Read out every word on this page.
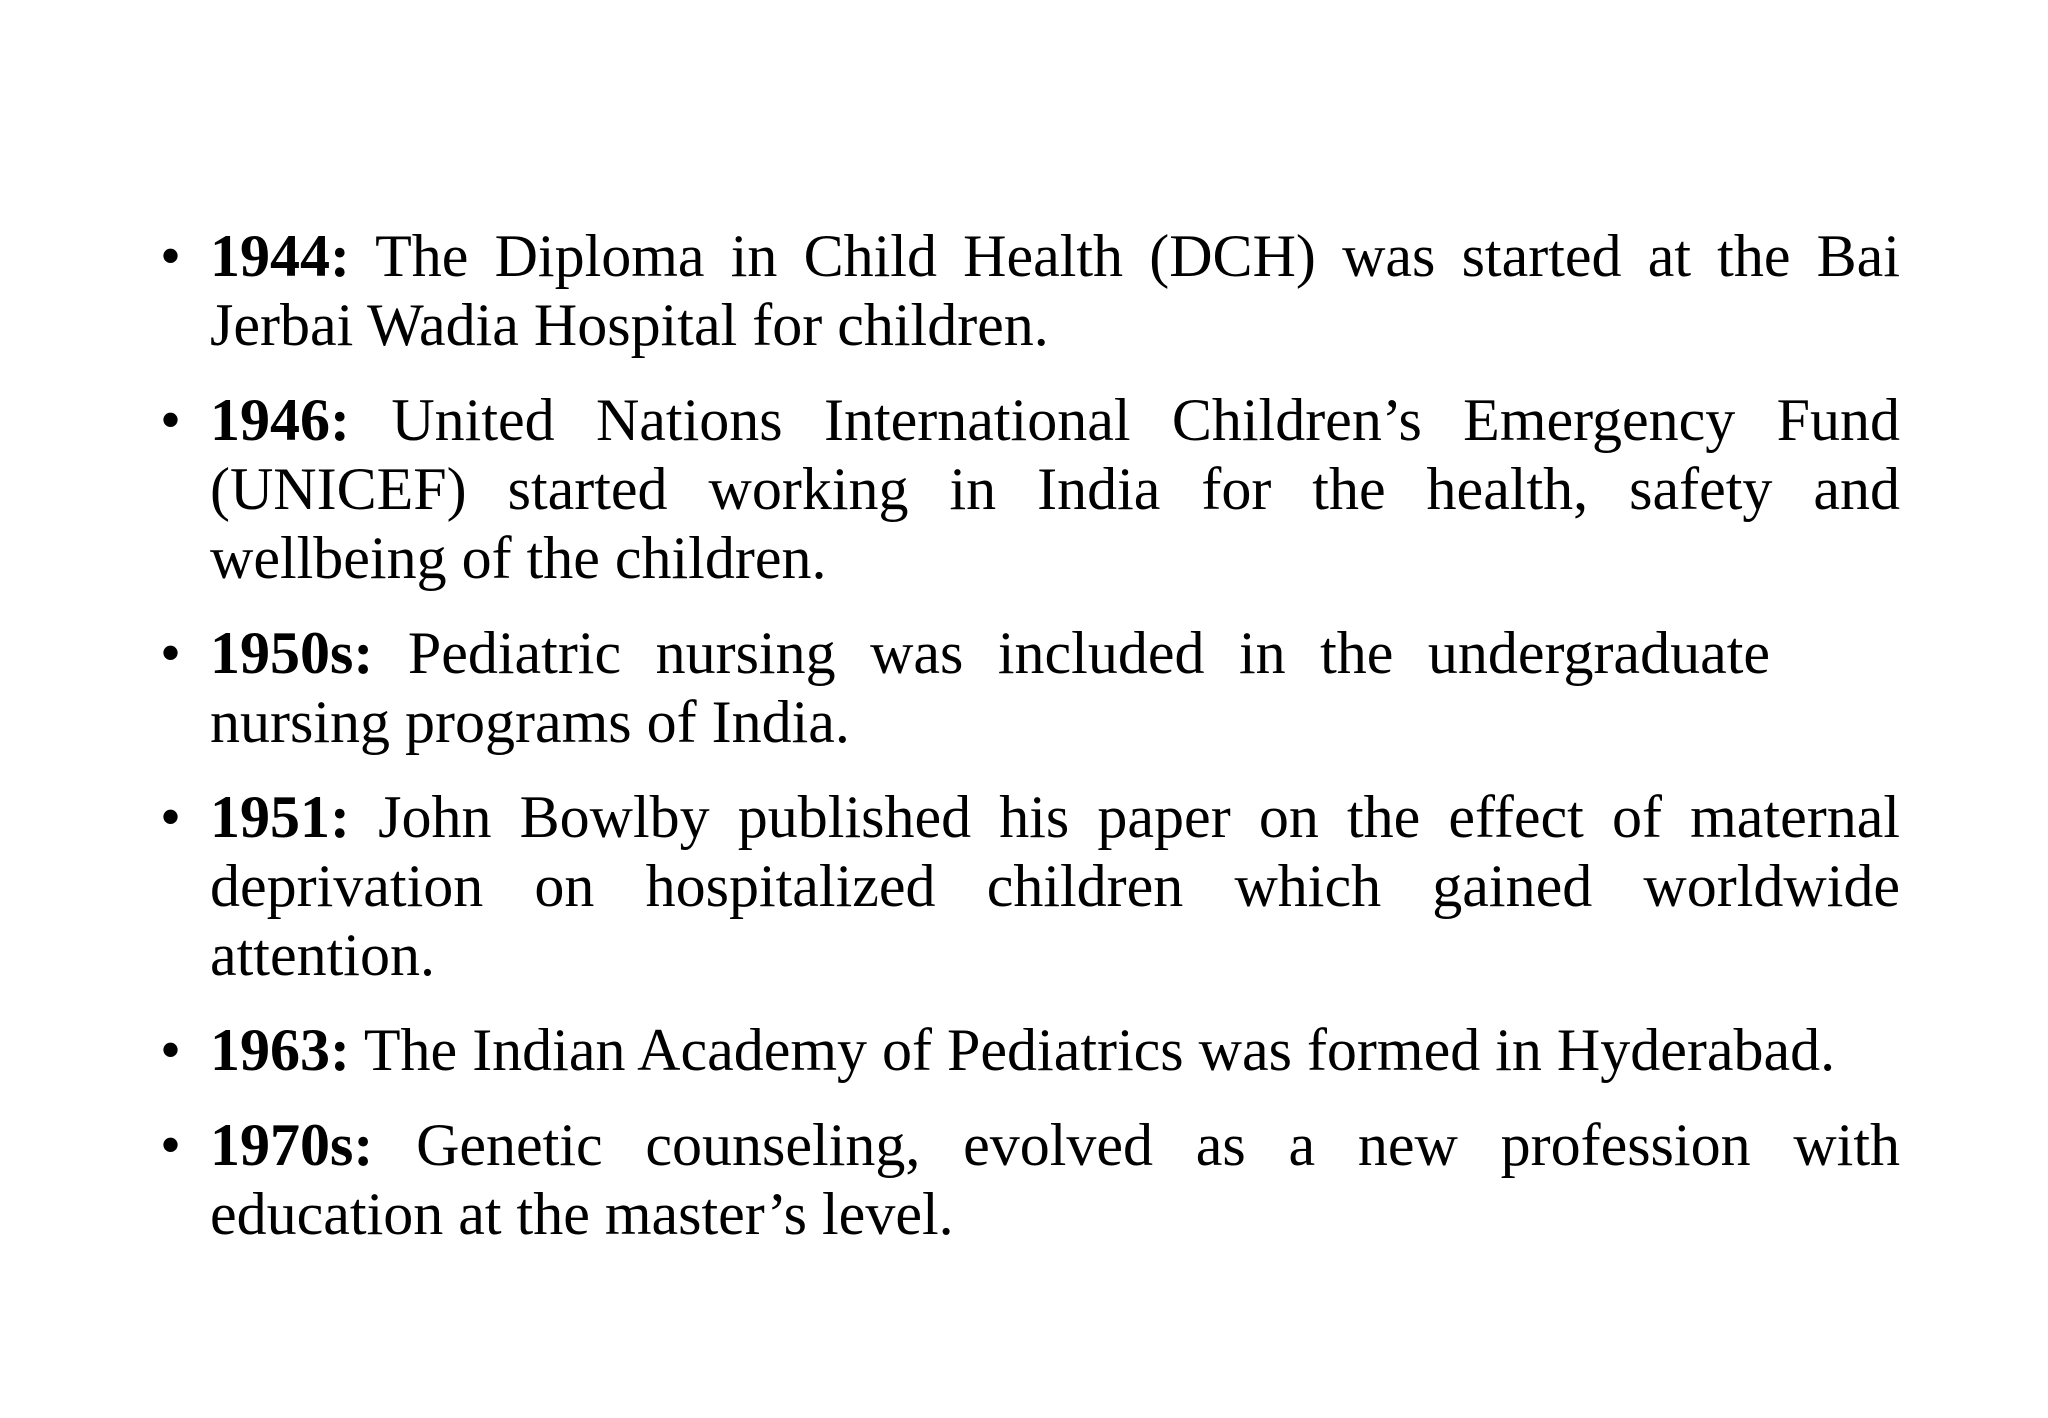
• 1944: The Diploma in Child Health (DCH) was started at the Bai Jerbai Wadia Hospital for children.
• 1946: United Nations International Children’s Emergency Fund (UNICEF) started working in India for the health, safety and wellbeing of the children.
• 1950s: Pediatric nursing was included in the undergraduate nursing programs of India.
• 1951: John Bowlby published his paper on the effect of maternal deprivation on hospitalized children which gained worldwide attention.
• 1963: The Indian Academy of Pediatrics was formed in Hyderabad.
• 1970s: Genetic counseling, evolved as a new profession with education at the master’s level.
